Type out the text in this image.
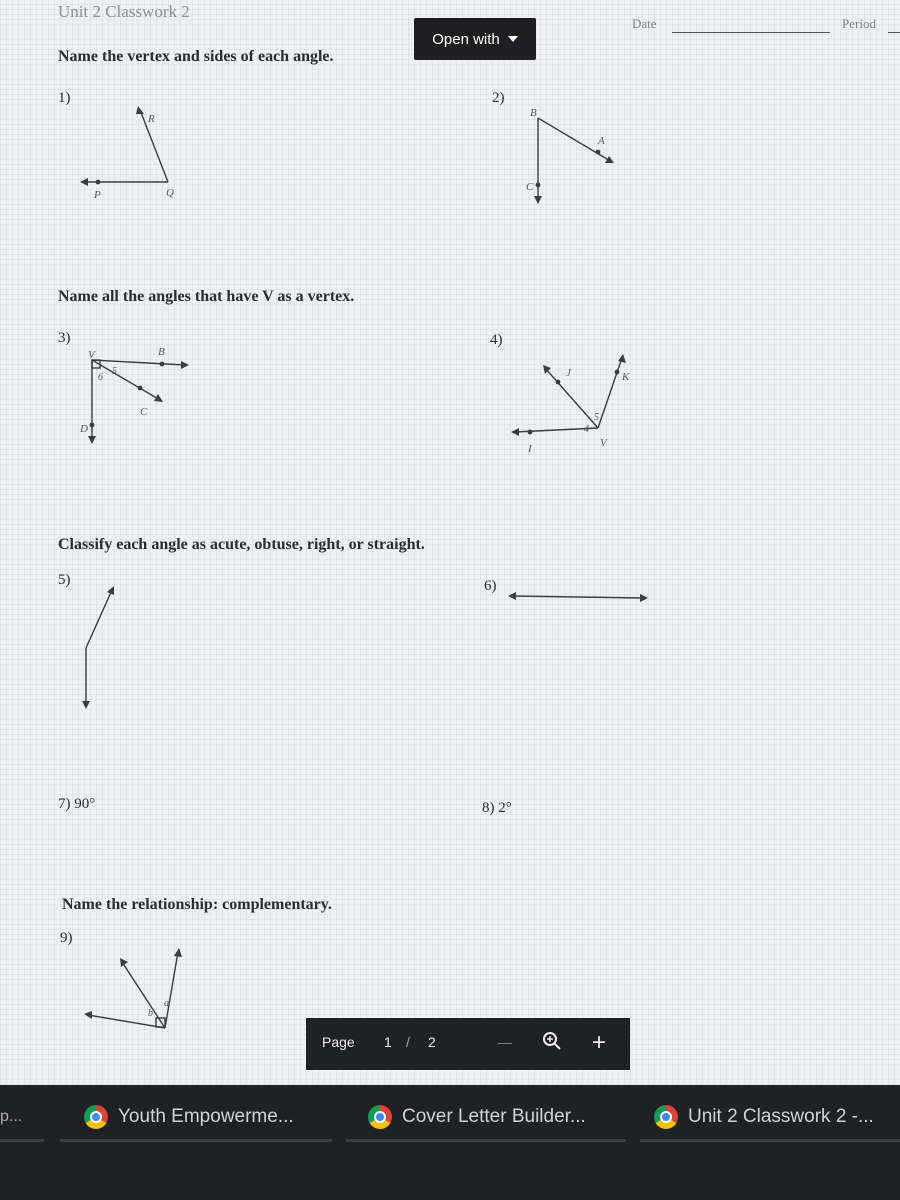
Unit 2 Classwork 2
Date	Period
Name the vertex and sides of each angle.
1)	2)
Name all the angles that have V as a vertex.
3)	4)
Classify each angle as acute, obtuse, right, or straight.
5)	6)
7) 90°	8) 2°
Name the relationship: complementary.
9)
R
P	Q
B
A
C
V	B
C
D
6
5	J	K
I	V
4
5
a
b
Open with
Page 1 / 2	—	+
p...	Youth Empowerme...	Cover Letter Builder...	Unit 2 Classwork 2 -...
